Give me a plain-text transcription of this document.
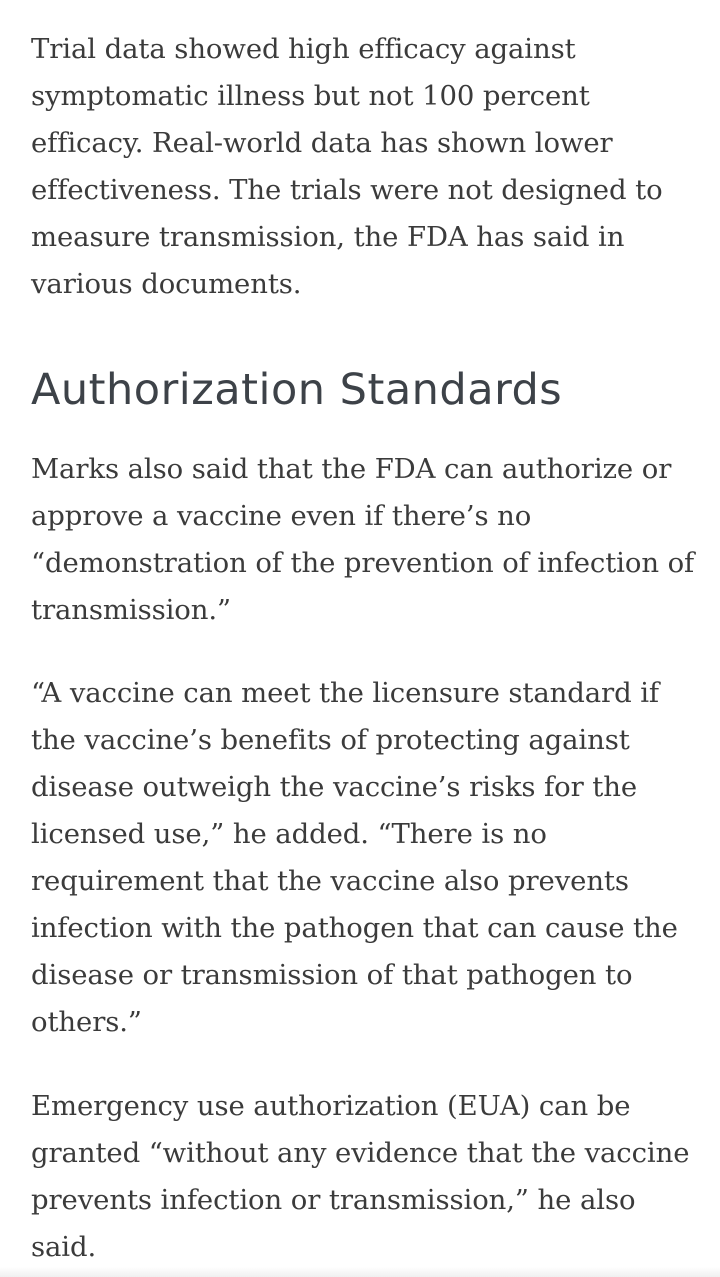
Trial data showed high efficacy against symptomatic illness but not 100 percent efficacy. Real-world data has shown lower effectiveness. The trials were not designed to measure transmission, the FDA has said in various documents.

Authorization Standards

Marks also said that the FDA can authorize or approve a vaccine even if there’s no “demonstration of the prevention of infection of transmission.”

“A vaccine can meet the licensure standard if the vaccine’s benefits of protecting against disease outweigh the vaccine’s risks for the licensed use,” he added. “There is no requirement that the vaccine also prevents infection with the pathogen that can cause the disease or transmission of that pathogen to others.”

Emergency use authorization (EUA) can be granted “without any evidence that the vaccine prevents infection or transmission,” he also said.
